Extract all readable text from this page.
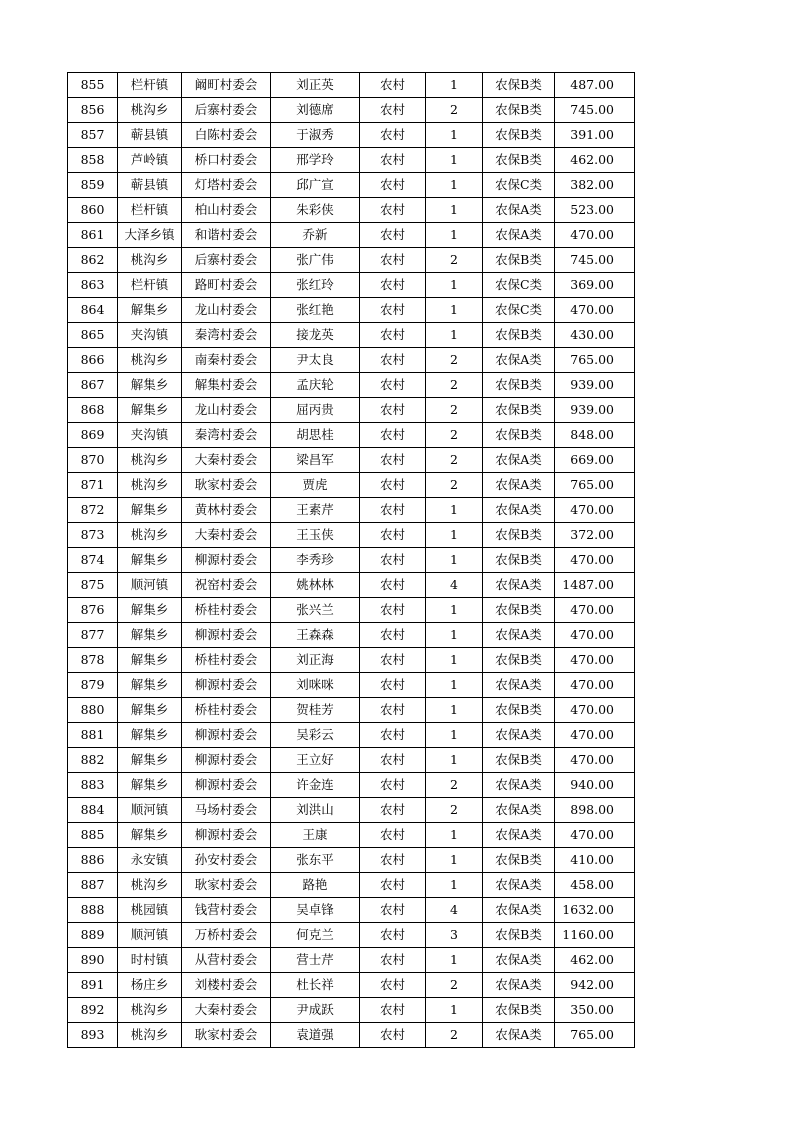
855	栏杆镇	阚町村委会	刘正英	农村	1	农保B类	487.00
856	桃沟乡	后寨村委会	刘德席	农村	2	农保B类	745.00
857	蕲县镇	白陈村委会	于淑秀	农村	1	农保B类	391.00
858	芦岭镇	桥口村委会	邢学玲	农村	1	农保B类	462.00
859	蕲县镇	灯塔村委会	邱广宣	农村	1	农保C类	382.00
860	栏杆镇	柏山村委会	朱彩侠	农村	1	农保A类	523.00
861	大泽乡镇	和谐村委会	乔新	农村	1	农保A类	470.00
862	桃沟乡	后寨村委会	张广伟	农村	2	农保B类	745.00
863	栏杆镇	路町村委会	张红玲	农村	1	农保C类	369.00
864	解集乡	龙山村委会	张红艳	农村	1	农保C类	470.00
865	夹沟镇	秦湾村委会	接龙英	农村	1	农保B类	430.00
866	桃沟乡	南秦村委会	尹太良	农村	2	农保A类	765.00
867	解集乡	解集村委会	孟庆轮	农村	2	农保B类	939.00
868	解集乡	龙山村委会	屈丙贵	农村	2	农保B类	939.00
869	夹沟镇	秦湾村委会	胡思桂	农村	2	农保B类	848.00
870	桃沟乡	大秦村委会	梁昌军	农村	2	农保A类	669.00
871	桃沟乡	耿家村委会	贾虎	农村	2	农保A类	765.00
872	解集乡	黄林村委会	王素芹	农村	1	农保A类	470.00
873	桃沟乡	大秦村委会	王玉侠	农村	1	农保B类	372.00
874	解集乡	柳源村委会	李秀珍	农村	1	农保B类	470.00
875	顺河镇	祝窑村委会	姚林林	农村	4	农保A类	1487.00
876	解集乡	桥桂村委会	张兴兰	农村	1	农保B类	470.00
877	解集乡	柳源村委会	王森森	农村	1	农保A类	470.00
878	解集乡	桥桂村委会	刘正海	农村	1	农保B类	470.00
879	解集乡	柳源村委会	刘咪咪	农村	1	农保A类	470.00
880	解集乡	桥桂村委会	贺桂芳	农村	1	农保B类	470.00
881	解集乡	柳源村委会	吴彩云	农村	1	农保A类	470.00
882	解集乡	柳源村委会	王立好	农村	1	农保B类	470.00
883	解集乡	柳源村委会	许金连	农村	2	农保A类	940.00
884	顺河镇	马场村委会	刘洪山	农村	2	农保A类	898.00
885	解集乡	柳源村委会	王康	农村	1	农保A类	470.00
886	永安镇	孙安村委会	张东平	农村	1	农保B类	410.00
887	桃沟乡	耿家村委会	路艳	农村	1	农保A类	458.00
888	桃园镇	钱营村委会	吴卓锋	农村	4	农保A类	1632.00
889	顺河镇	万桥村委会	何克兰	农村	3	农保B类	1160.00
890	时村镇	从营村委会	营士芹	农村	1	农保A类	462.00
891	杨庄乡	刘楼村委会	杜长祥	农村	2	农保A类	942.00
892	桃沟乡	大秦村委会	尹成跃	农村	1	农保B类	350.00
893	桃沟乡	耿家村委会	袁道强	农村	2	农保A类	765.00
